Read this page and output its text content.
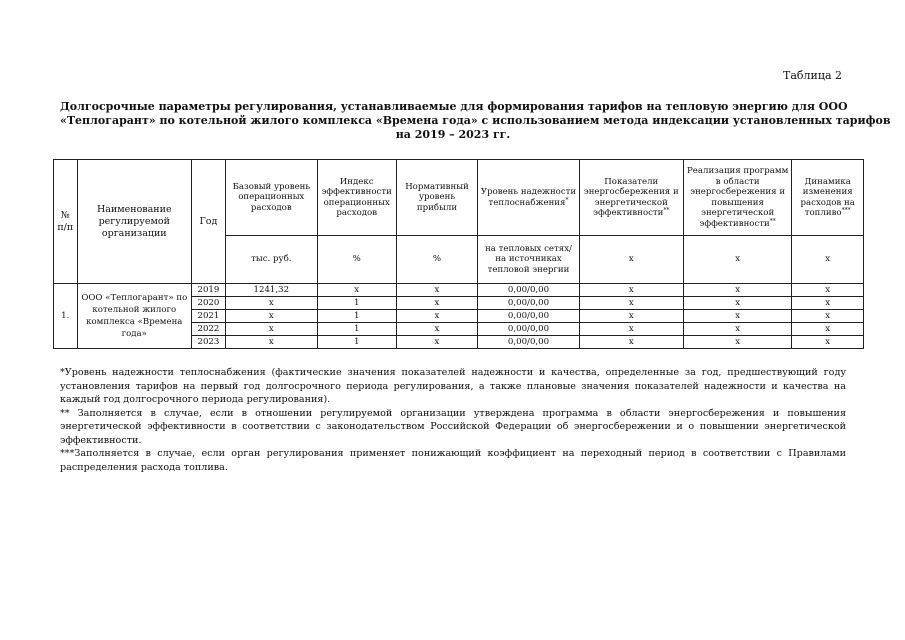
Таблица 2
Долгосрочные параметры регулирования, устанавливаемые для формирования тарифов на тепловую энергию для ООО
«Теплогарант» по котельной жилого комплекса «Времена года» с использованием метода индексации установленных тарифов
на 2019 – 2023 гг.
№ п/п	Наименование регулируемой организации	Год	Базовый уровень операционных расходов	Индекс эффективности операционных расходов	Нормативный уровень прибыли	Уровень надежности теплоснабжения*	Показатели энергосбережения и энергетической эффективности**	Реализация программ в области энергосбережения и повышения энергетической эффективности**	Динамика изменения расходов на топливо***
			тыс. руб.	%	%	на тепловых сетях/на источниках тепловой энергии	x	x	x
1.	ООО «Теплогарант» по котельной жилого комплекса «Времена года»	2019	1241,32	x	x	0,00/0,00	x	x	x
		2020	x	1	x	0,00/0,00	x	x	x
		2021	x	1	x	0,00/0,00	x	x	x
		2022	x	1	x	0,00/0,00	x	x	x
		2023	x	1	x	0,00/0,00	x	x	x

*Уровень надежности теплоснабжения (фактические значения показателей надежности и качества, определенные за год, предшествующий году установления тарифов на первый год долгосрочного периода регулирования, а также плановые значения показателей надежности и качества на каждый год долгосрочного периода регулирования).

** Заполняется в случае, если в отношении регулируемой организации утверждена программа в области энергосбережения и повышения энергетической эффективности в соответствии с законодательством Российской Федерации об энергосбережении и о повышении энергетической эффективности.

***Заполняется в случае, если орган регулирования применяет понижающий коэффициент на переходный период в соответствии с Правилами распределения расхода топлива.
